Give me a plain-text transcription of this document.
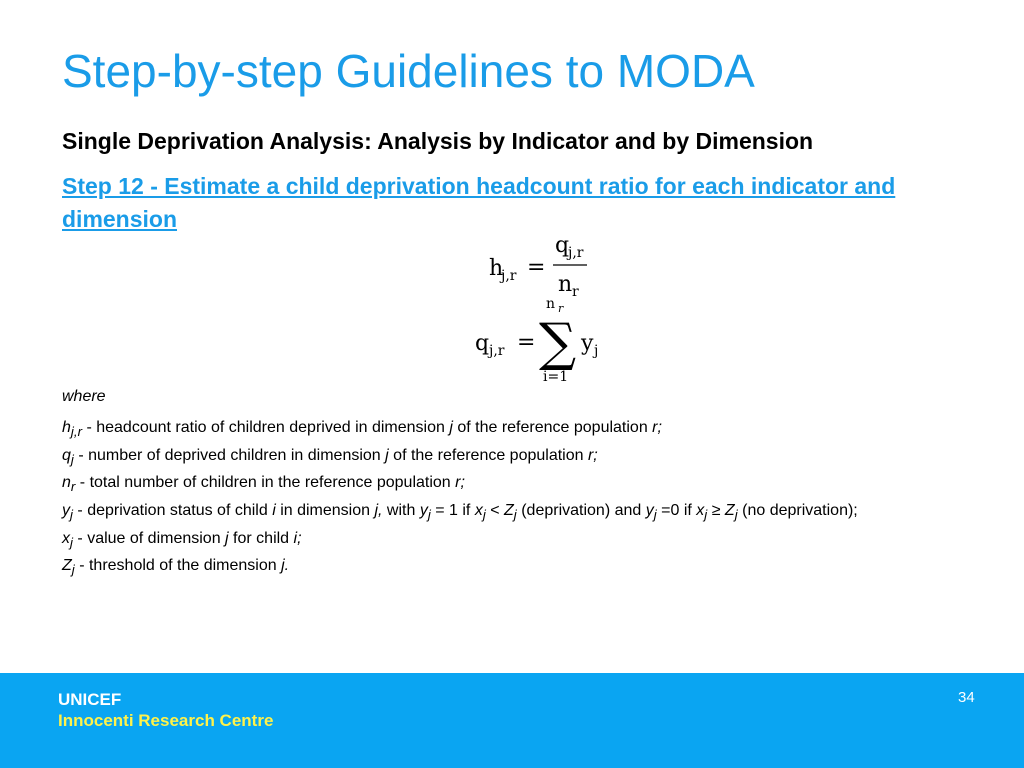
Step-by-step Guidelines to MODA
Single Deprivation Analysis: Analysis by Indicator and by Dimension
Step 12 - Estimate a child deprivation headcount ratio for each indicator and dimension
h
j,r =
q
j,r
n r
q j,r =
n r
∑
i=1
y j
where
$h_{j,r}$ - headcount ratio of children deprived in dimension j of the reference population r;
$q_j$ - number of deprived children in dimension j of the reference population r;
$n_r$ - total number of children in the reference population r;
$y_j$ - deprivation status of child i in dimension j, with $y_j = 1$ if $x_j < Z_j$ (deprivation) and $y_j =0$ if $x_j \ge Z_j$ (no deprivation);
$x_j$ - value of dimension j for child i;
$Z_j$ - threshold of the dimension j.
UNICEF
Innocenti Research Centre
34
